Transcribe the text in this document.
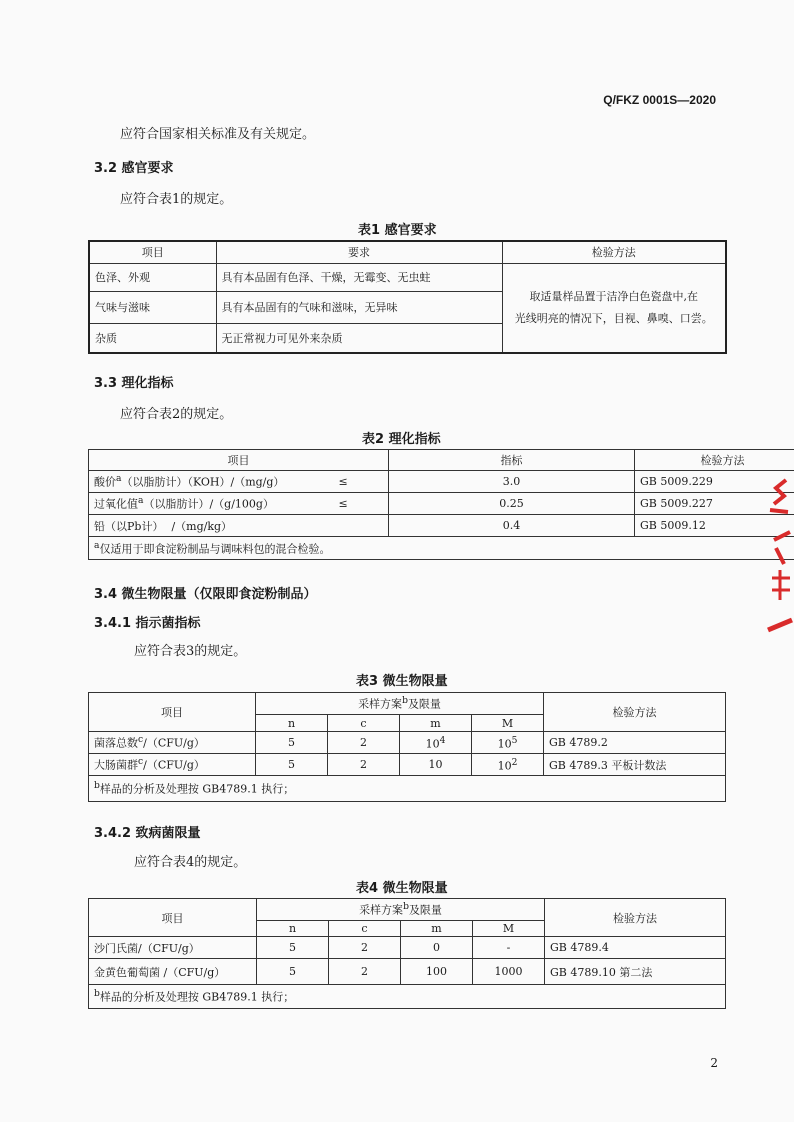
Q/FKZ 0001S—2020
应符合国家相关标准及有关规定。
3.2 感官要求
应符合表1的规定。
表1 感官要求
项目	要求	检验方法
色泽、外观	具有本品固有色泽、干燥，无霉变、无虫蛀	取适量样品置于洁净白色瓷盘中,在
光线明亮的情况下，目视、鼻嗅、口尝。

气味与滋味	具有本品固有的气味和滋味，无异味	
杂质	无正常视力可见外来杂质	
3.3 理化指标
应符合表2的规定。
表2 理化指标
项目		指标	检验方法
酸价$^a$（以脂肪计）（KOH）/（mg/g）	≤	3.0	GB 5009.229
过氧化值$^a$（以脂肪计）/（g/100g）	≤	0.25	GB 5009.227
铅（以Pb计） /（mg/kg）		0.4	GB 5009.12
$^a$仅适用于即食淀粉制品与调味料包的混合检验。			
3.4 微生物限量（仅限即食淀粉制品）
3.4.1 指示菌指标
应符合表3的规定。
表3 微生物限量
项目	采样方案$^b$及限量				检验方法
	n	c	m	M	
菌落总数$^c$/（CFU/g）	5	2	$10^4$	$10^5$	GB 4789.2
大肠菌群$^c$/（CFU/g）	5	2	10	$10^2$	GB 4789.3 平板计数法
$^b$样品的分析及处理按 GB4789.1 执行；					
3.4.2 致病菌限量
应符合表4的规定。
表4 微生物限量
项目	采样方案$^b$及限量				检验方法
	n	c	m	M	
沙门氏菌/（CFU/g）	5	2	0	-	GB 4789.4
金黄色葡萄菌 /（CFU/g）	5	2	100	1000	GB 4789.10 第二法
$^b$样品的分析及处理按 GB4789.1 执行；					
2
